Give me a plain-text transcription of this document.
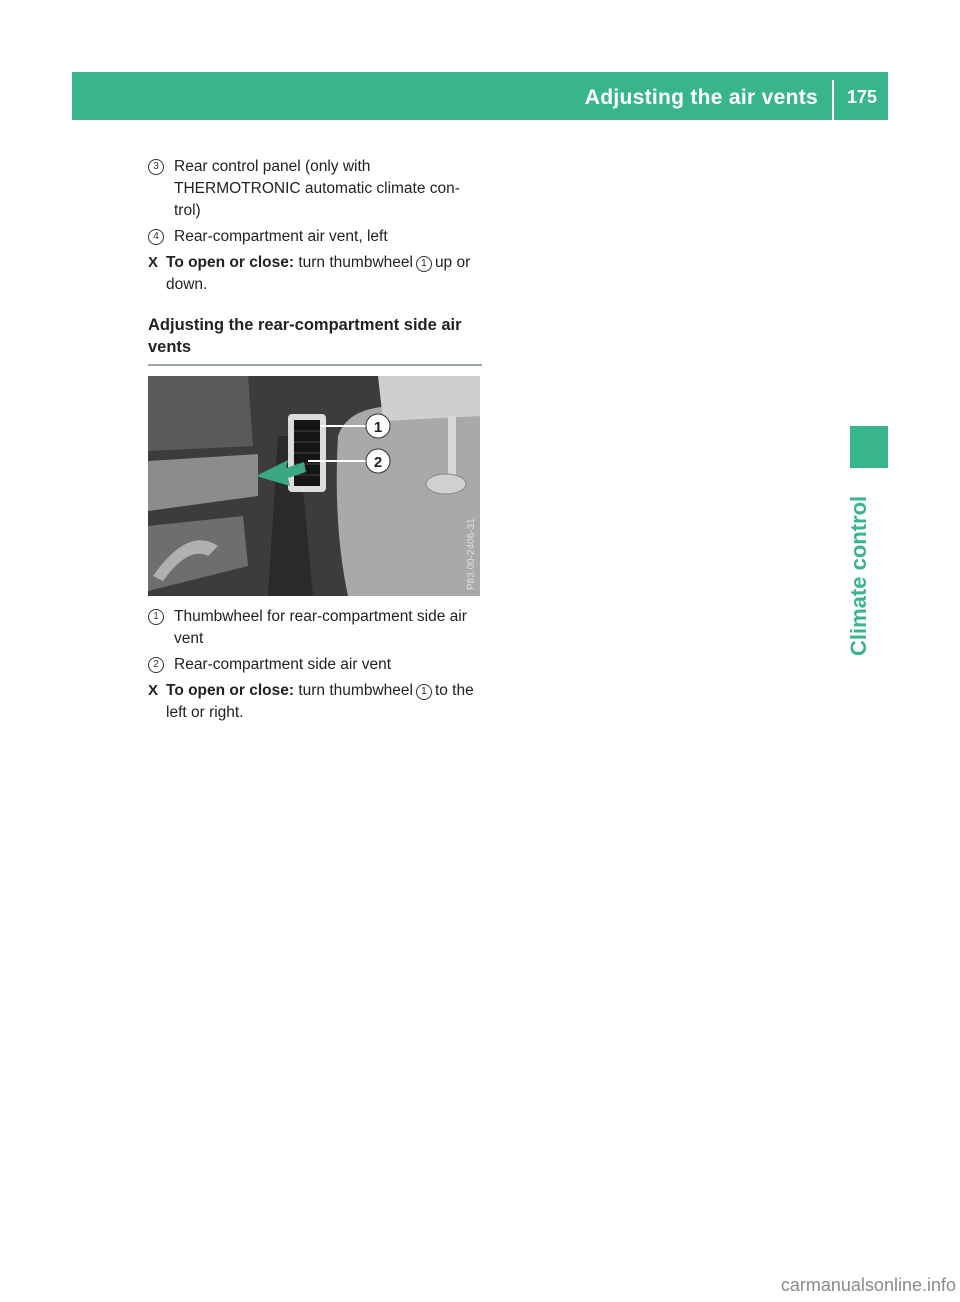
Adjusting the air vents	175
Climate control
3 Rear control panel (only with THERMOTRONIC automatic climate con-trol)
4 Rear-compartment air vent, left
X To open or close: turn thumbwheel 1 up or down.
Adjusting the rear-compartment side air vents
1
2
P83.00-2406-31
1 Thumbwheel for rear-compartment side air vent
2 Rear-compartment side air vent
X To open or close: turn thumbwheel 1 to the left or right.
carmanualsonline.info
